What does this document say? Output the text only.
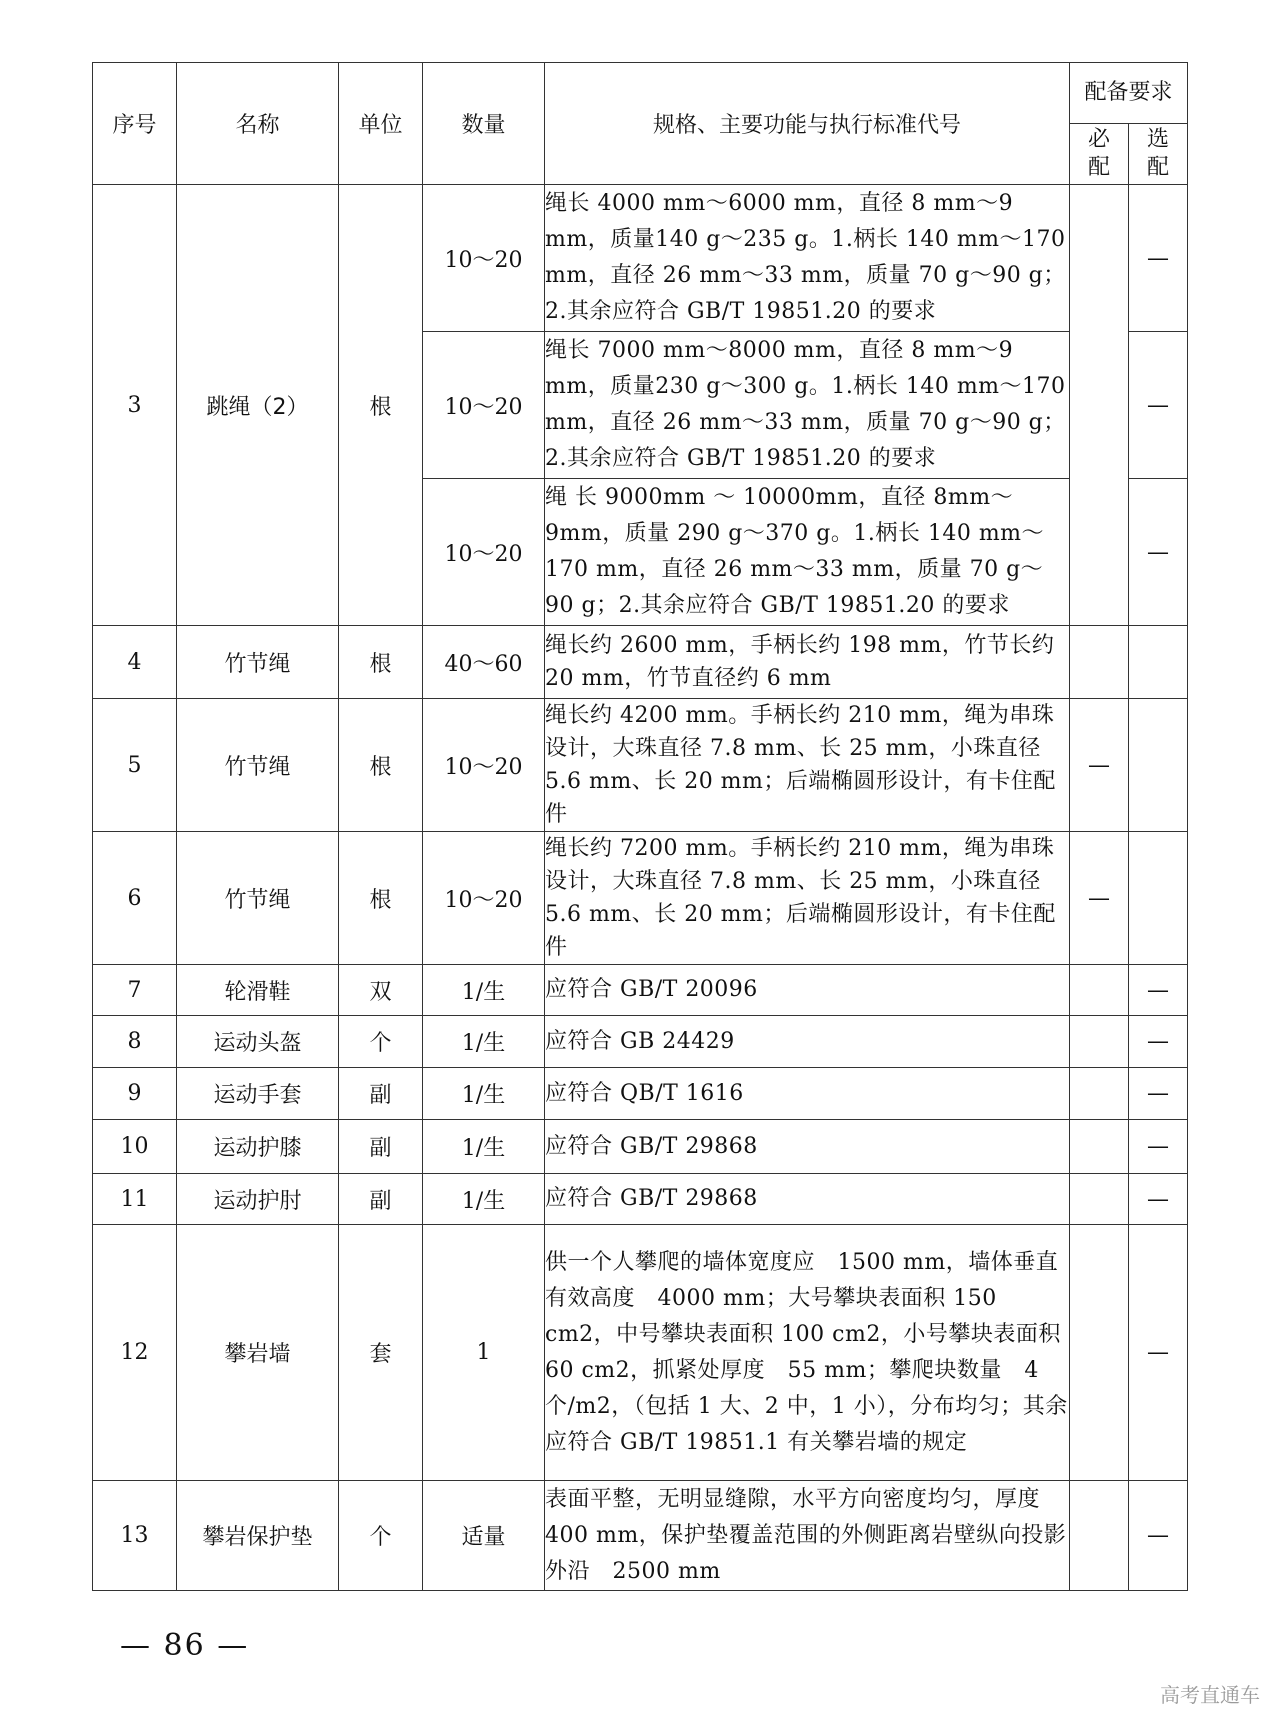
序号	名称	单位	数量	规格、主要功能与执行标准代号	配备要求	
					必配	选配
3	跳绳（2）	根	10～20	绳长 4000 mm～6000 mm，直径 8 mm～9 mm，质量140 g～235 g。1.柄长 140 mm～170 mm，直径 26 mm～33 mm，质量 70 g～90 g；2.其余应符合 GB/T 19851.20 的要求		—
			10～20	绳长 7000 mm～8000 mm，直径 8 mm～9 mm，质量230 g～300 g。1.柄长 140 mm～170 mm，直径 26 mm～33 mm，质量 70 g～90 g；2.其余应符合 GB/T 19851.20 的要求		—
			10～20	绳 长 9000mm ～ 10000mm，直径 8mm～9mm，质量 290 g～370 g。1.柄长 140 mm～170 mm，直径 26 mm～33 mm，质量 70 g～90 g；2.其余应符合 GB/T 19851.20 的要求		—
4	竹节绳	根	40～60	绳长约 2600 mm，手柄长约 198 mm，竹节长约 20 mm，竹节直径约 6 mm		
5	竹节绳	根	10～20	绳长约 4200 mm。手柄长约 210 mm，绳为串珠设计，大珠直径 7.8 mm、长 25 mm，小珠直径 5.6 mm、长 20 mm；后端椭圆形设计，有卡住配件	—	
6	竹节绳	根	10～20	绳长约 7200 mm。手柄长约 210 mm，绳为串珠设计，大珠直径 7.8 mm、长 25 mm，小珠直径 5.6 mm、长 20 mm；后端椭圆形设计，有卡住配件	—	
7	轮滑鞋	双	1/生	应符合 GB/T 20096		—
8	运动头盔	个	1/生	应符合 GB 24429		—
9	运动手套	副	1/生	应符合 QB/T 1616		—
10	运动护膝	副	1/生	应符合 GB/T 29868		—
11	运动护肘	副	1/生	应符合 GB/T 29868		—
12	攀岩墙	套	1	供一个人攀爬的墙体宽度应　1500 mm，墙体垂直有效高度　4000 mm；大号攀块表面积 150 cm2，中号攀块表面积 100 cm2，小号攀块表面积 60 cm2，抓紧处厚度　55 mm；攀爬块数量　4 个/m2，（包括 1 大、2 中，1 小），分布均匀；其余应符合 GB/T 19851.1 有关攀岩墙的规定		—
13	攀岩保护垫	个	适量	表面平整，无明显缝隙，水平方向密度均匀，厚度　400 mm，保护垫覆盖范围的外侧距离岩壁纵向投影外沿　2500 mm		—
— 86 —
高考直通车
